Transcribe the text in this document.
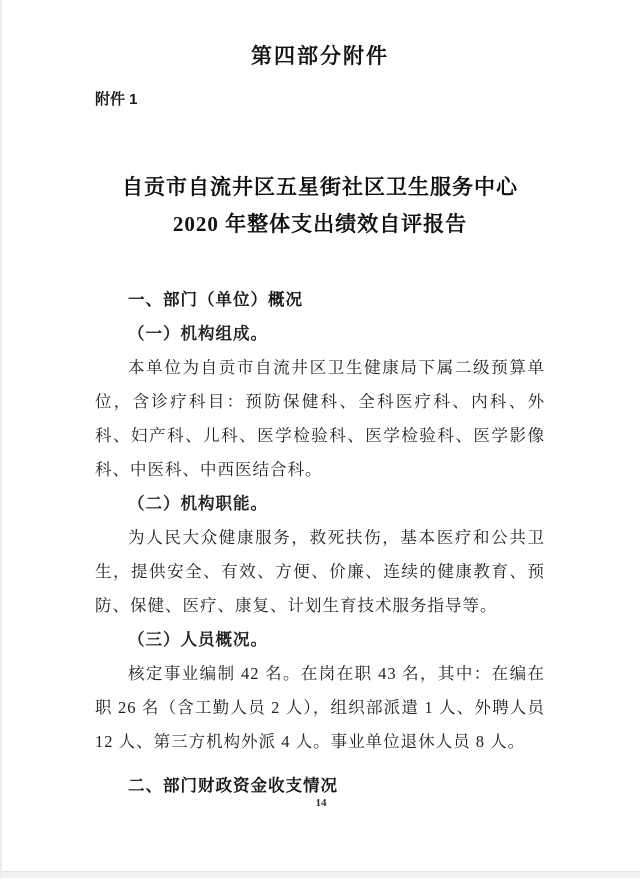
第四部分附件
附件 1
自贡市自流井区五星街社区卫生服务中心
2020 年整体支出绩效自评报告
一、部门（单位）概况
（一）机构组成。

本单位为自贡市自流井区卫生健康局下属二级预算单位，含诊疗科目：预防保健科、全科医疗科、内科、外科、妇产科、儿科、医学检验科、医学检验科、医学影像科、中医科、中西医结合科。

（二）机构职能。

为人民大众健康服务，救死扶伤，基本医疗和公共卫生，提供安全、有效、方便、价廉、连续的健康教育、预防、保健、医疗、康复、计划生育技术服务指导等。

（三）人员概况。

核定事业编制 42 名。在岗在职 43 名，其中：在编在职 26 名（含工勤人员 2 人），组织部派遣 1 人、外聘人员 12 人、第三方机构外派 4 人。事业单位退休人员 8 人。

二、部门财政资金收支情况
14
